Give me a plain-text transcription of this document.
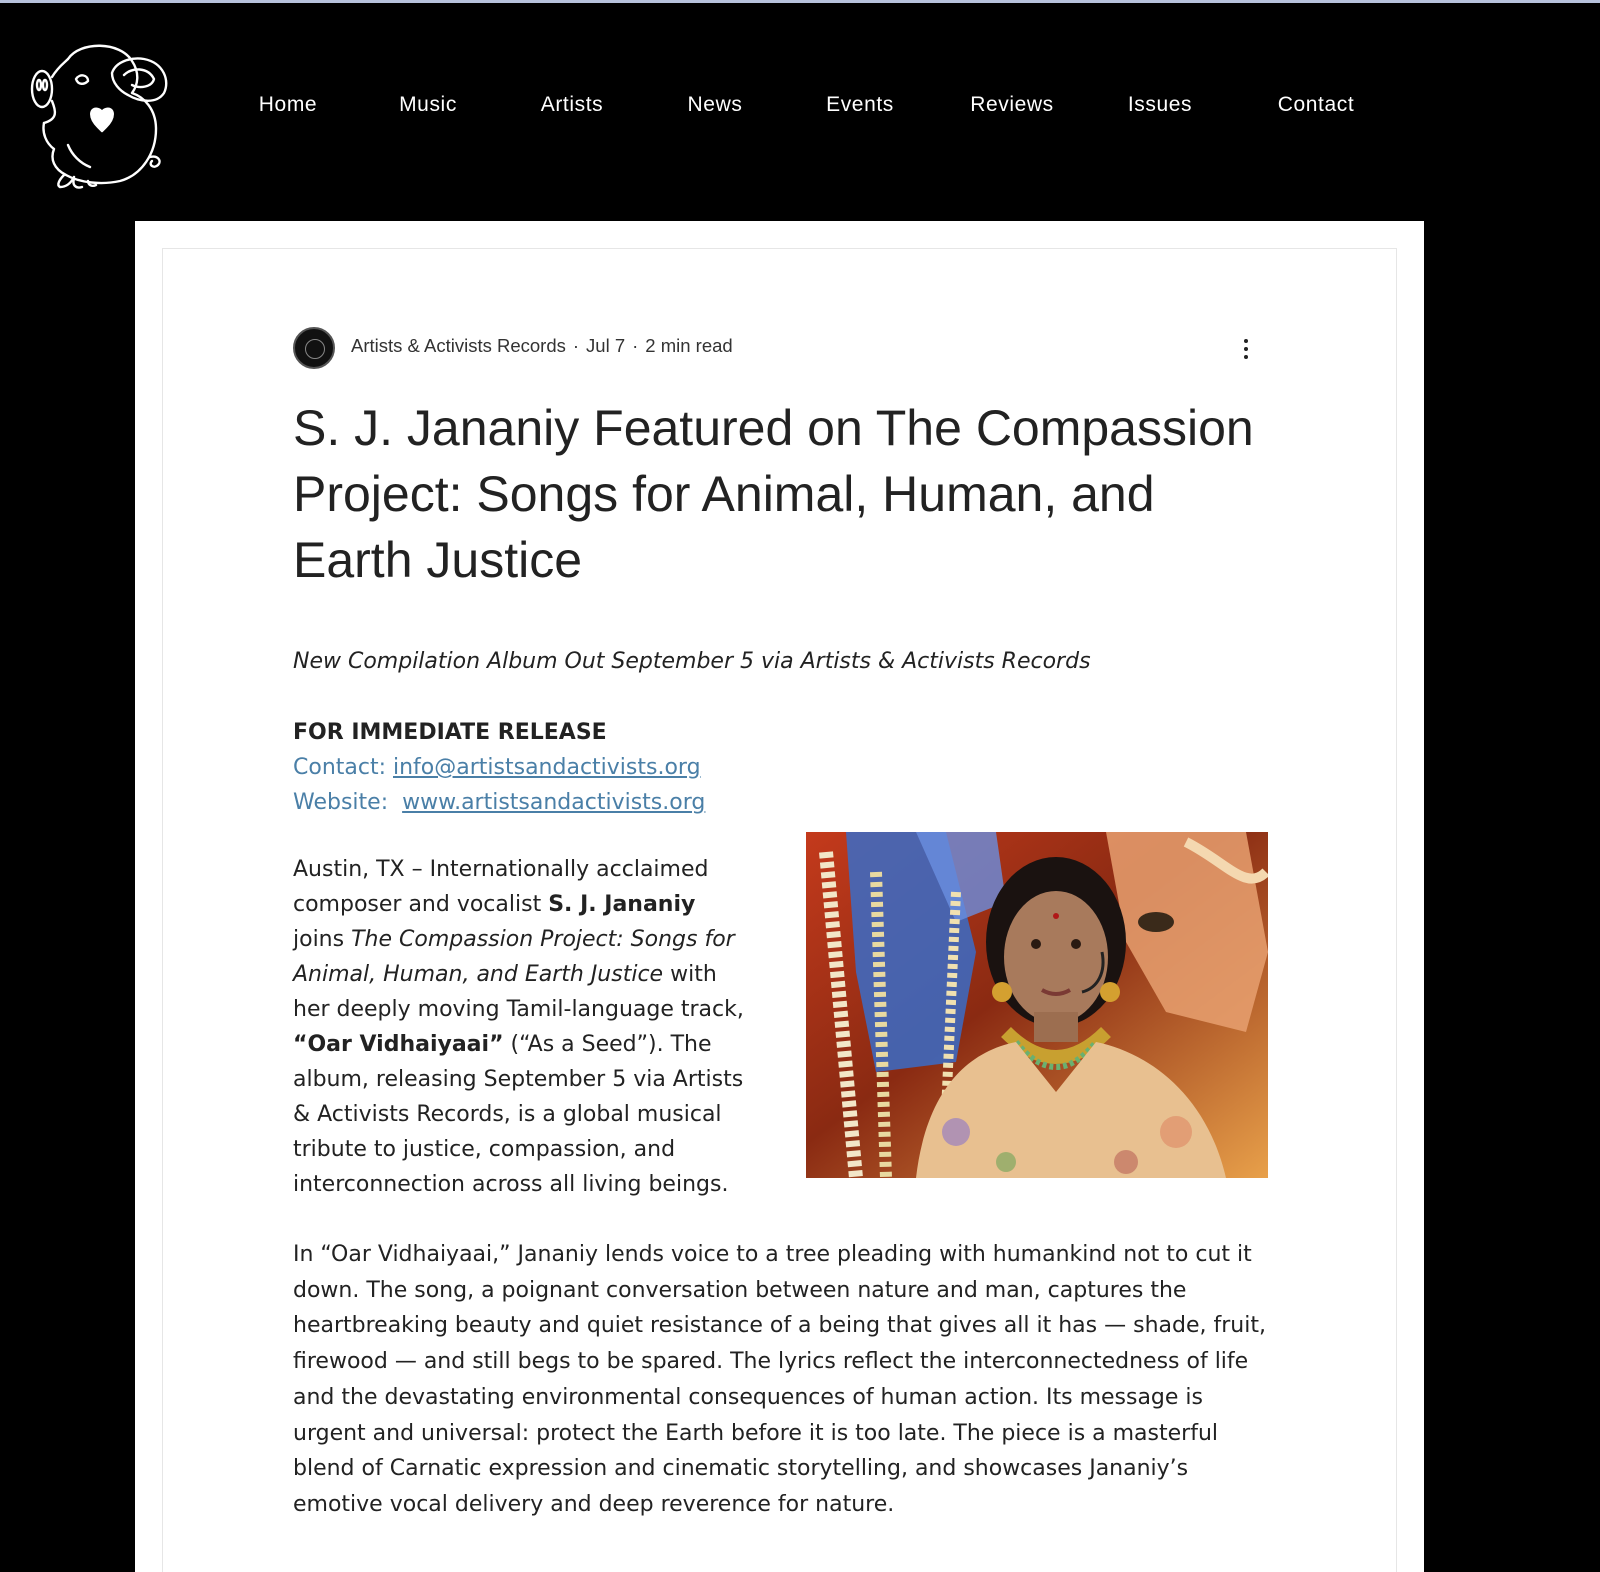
Home	Music	Artists	News	Events	Reviews	Issues	Contact
Artists & Activists Records · Jul 7 · 2 min read
S. J. Jananiy Featured on The Compassion Project: Songs for Animal, Human, and Earth Justice

New Compilation Album Out September 5 via Artists & Activists Records

FOR IMMEDIATE RELEASE

Contact: info@artistsandactivists.org

Website:  www.artistsandactivists.org

Austin, TX – Internationally acclaimed composer and vocalist S. J. Jananiy joins The Compassion Project: Songs for Animal, Human, and Earth Justice with her deeply moving Tamil-language track, “Oar Vidhaiyaai” (“As a Seed”). The album, releasing September 5 via Artists & Activists Records, is a global musical tribute to justice, compassion, and interconnection across all living beings.

In “Oar Vidhaiyaai,” Jananiy lends voice to a tree pleading with humankind not to cut it down. The song, a poignant conversation between nature and man, captures the heartbreaking beauty and quiet resistance of a being that gives all it has — shade, fruit, firewood — and still begs to be spared. The lyrics reflect the interconnectedness of life and the devastating environmental consequences of human action. Its message is urgent and universal: protect the Earth before it is too late. The piece is a masterful blend of Carnatic expression and cinematic storytelling, and showcases Jananiy’s emotive vocal delivery and deep reverence for nature.
